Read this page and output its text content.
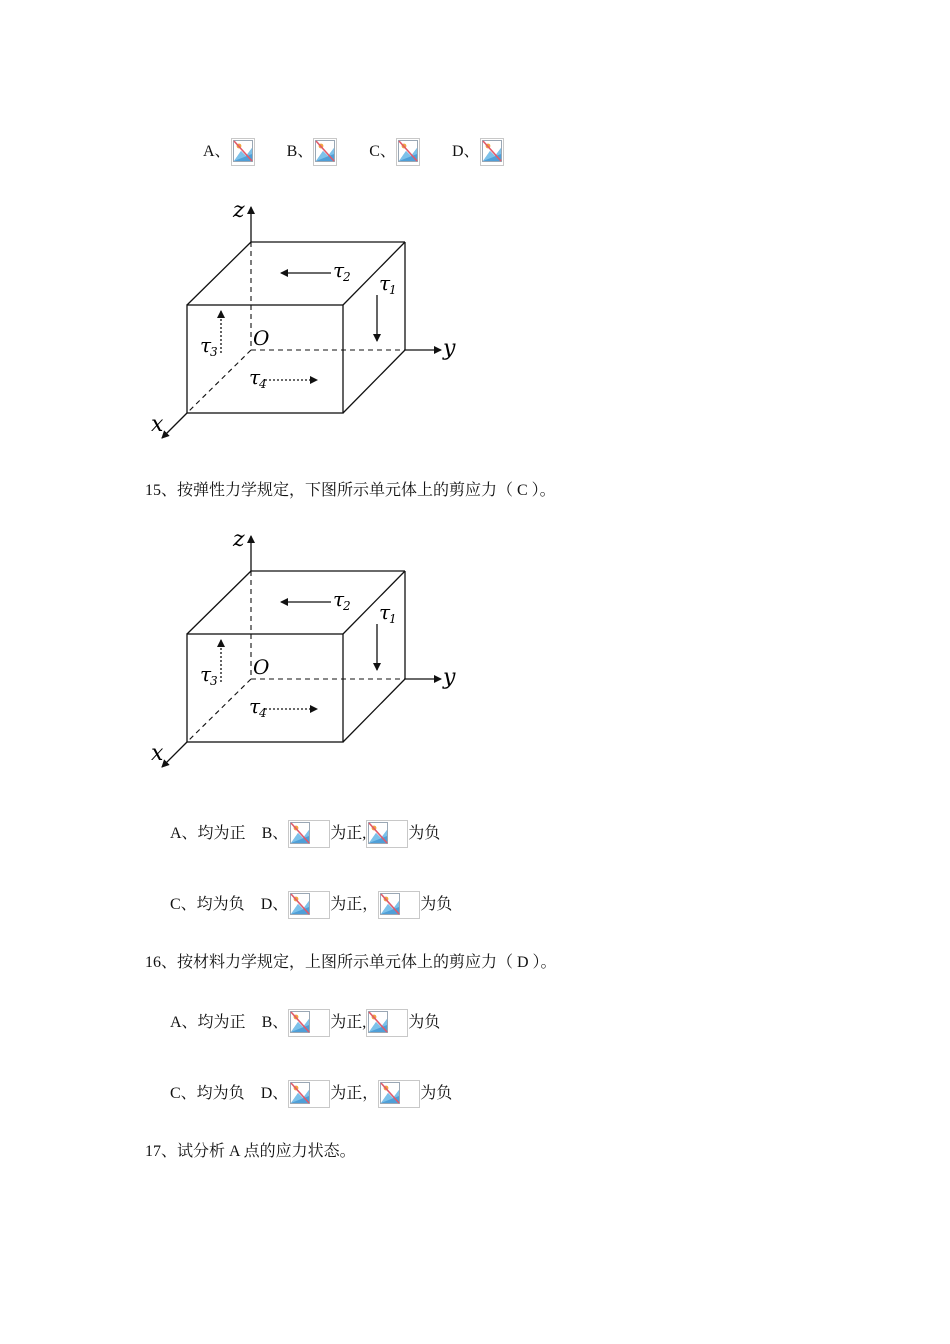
A、	B、	C、	D、
z
y
x
O
τ
2 τ
1
τ
3
τ
4
15、按弹性力学规定，下图所示单元体上的剪应力（ C ）。
z
y
x
O
τ
2 τ
1
τ
3
τ
4
A、均为正 B、	为正,	为负
C、均为负 D、	为正，	为负
16、按材料力学规定，上图所示单元体上的剪应力（ D ）。
A、均为正 B、	为正,	为负
C、均为负 D、	为正，	为负
17、试分析 A 点的应力状态。
